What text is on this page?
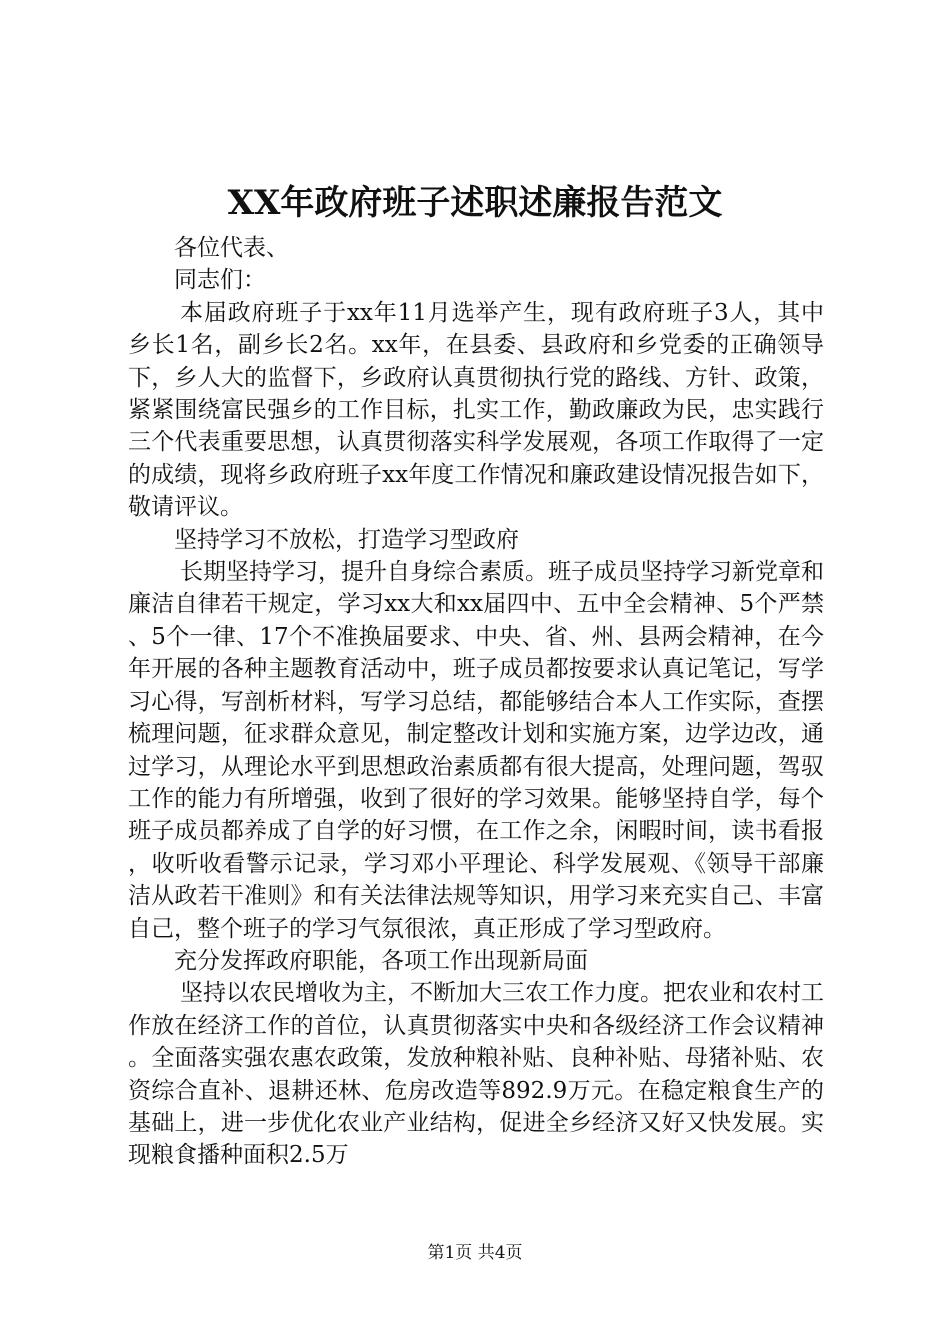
XX年政府班子述职述廉报告范文

各位代表、

同志们：

本届政府班子于xx年11月选举产生，现有政府班子3人，其中乡长1名，副乡长2名。xx年，在县委、县政府和乡党委的正确领导下，乡人大的监督下，乡政府认真贯彻执行党的路线、方针、政策，紧紧围绕富民强乡的工作目标，扎实工作，勤政廉政为民，忠实践行三个代表重要思想，认真贯彻落实科学发展观，各项工作取得了一定的成绩，现将乡政府班子xx年度工作情况和廉政建设情况报告如下，敬请评议。

坚持学习不放松，打造学习型政府

长期坚持学习，提升自身综合素质。班子成员坚持学习新党章和廉洁自律若干规定，学习xx大和xx届四中、五中全会精神、5个严禁、5个一律、17个不准换届要求、中央、省、州、县两会精神，在今年开展的各种主题教育活动中，班子成员都按要求认真记笔记，写学习心得，写剖析材料，写学习总结，都能够结合本人工作实际，查摆梳理问题，征求群众意见，制定整改计划和实施方案，边学边改，通过学习，从理论水平到思想政治素质都有很大提高，处理问题，驾驭工作的能力有所增强，收到了很好的学习效果。能够坚持自学，每个班子成员都养成了自学的好习惯，在工作之余，闲暇时间，读书看报，收听收看警示记录，学习邓小平理论、科学发展观、《领导干部廉洁从政若干准则》和有关法律法规等知识，用学习来充实自己、丰富自己，整个班子的学习气氛很浓，真正形成了学习型政府。

充分发挥政府职能，各项工作出现新局面

坚持以农民增收为主，不断加大三农工作力度。把农业和农村工作放在经济工作的首位，认真贯彻落实中央和各级经济工作会议精神。全面落实强农惠农政策，发放种粮补贴、良种补贴、母猪补贴、农资综合直补、退耕还林、危房改造等892.9万元。在稳定粮食生产的基础上，进一步优化农业产业结构，促进全乡经济又好又快发展。实现粮食播种面积2.5万

第1页 共4页
